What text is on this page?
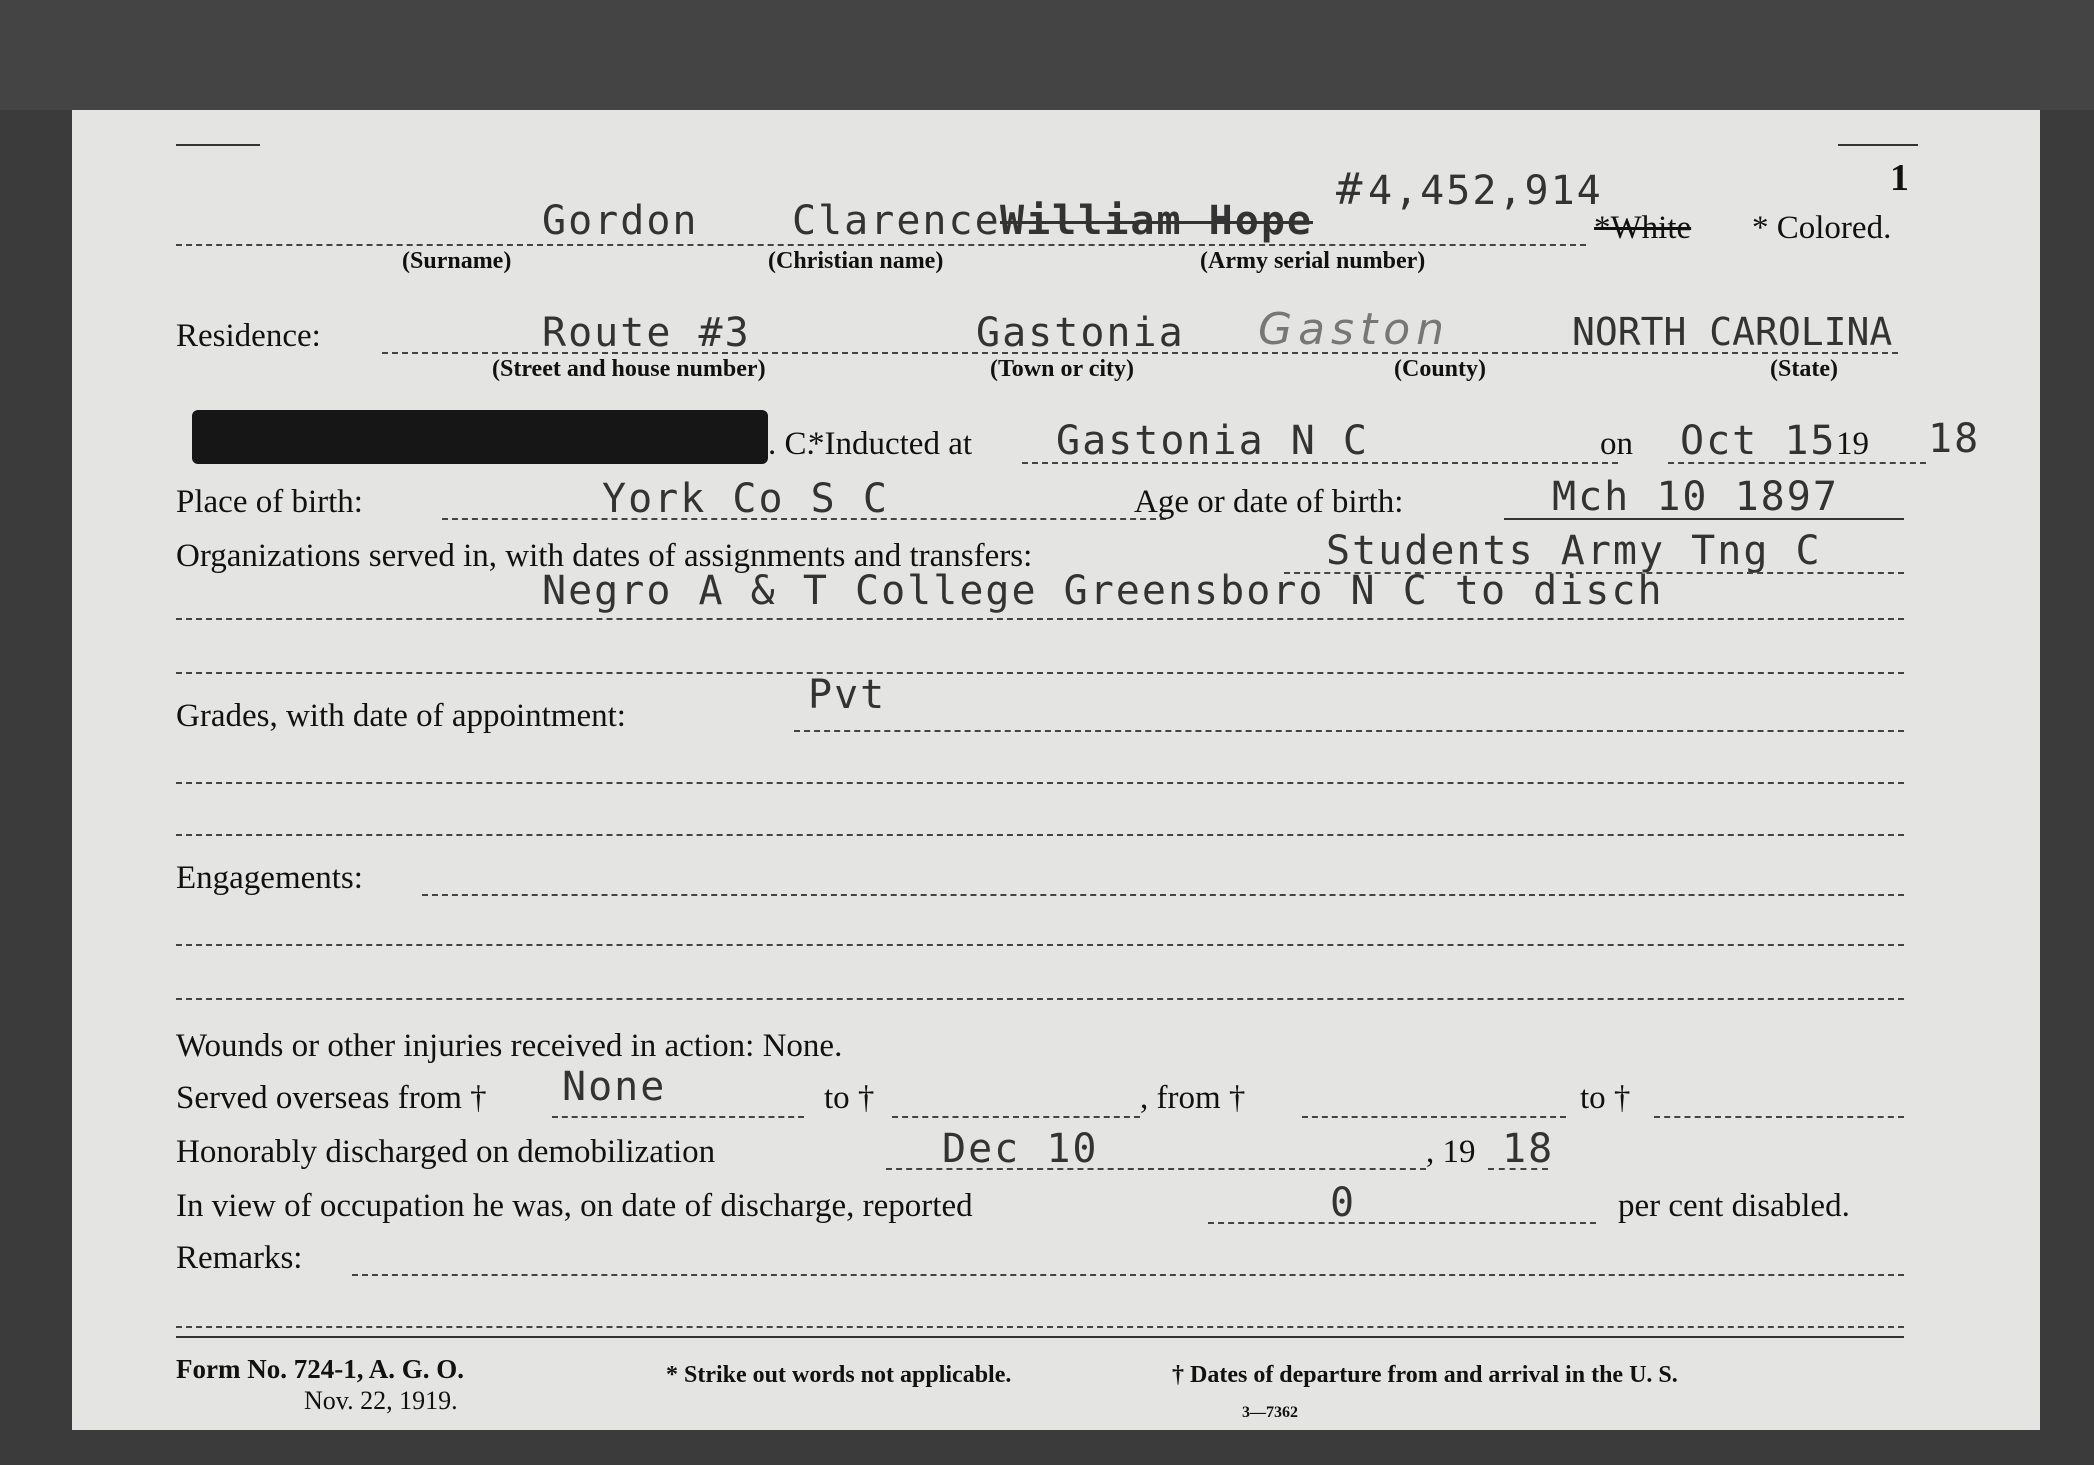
1
# 4,452,914
Gordon Clarence William Hope	*White * Colored.
(Surname)	(Christian name)	(Army serial number)
Residence:	Route #3	Gastonia Gaston	NORTH CAROLINA
(Street and house number)	(Town or city)	(County)	(State)
. C.
*Inducted at Gastonia N C	on Oct 15 19 18
Place of birth:	York Co S C	Age or date of birth:	Mch 10 1897
Organizations served in, with dates of assignments and transfers:	Students Army Tng C
Negro A & T College Greensboro N C to disch
Grades, with date of appointment:	Pvt
Engagements:
Wounds or other injuries received in action: None.
Served overseas from † None	to †	, from †	to †
Honorably discharged on demobilization	Dec 10	, 19 18
In view of occupation he was, on date of discharge, reported	0	per cent disabled.
Remarks:
Form No. 724-1, A. G. O.
Nov. 22, 1919.
* Strike out words not applicable.	† Dates of departure from and arrival in the U. S.
3—7362
